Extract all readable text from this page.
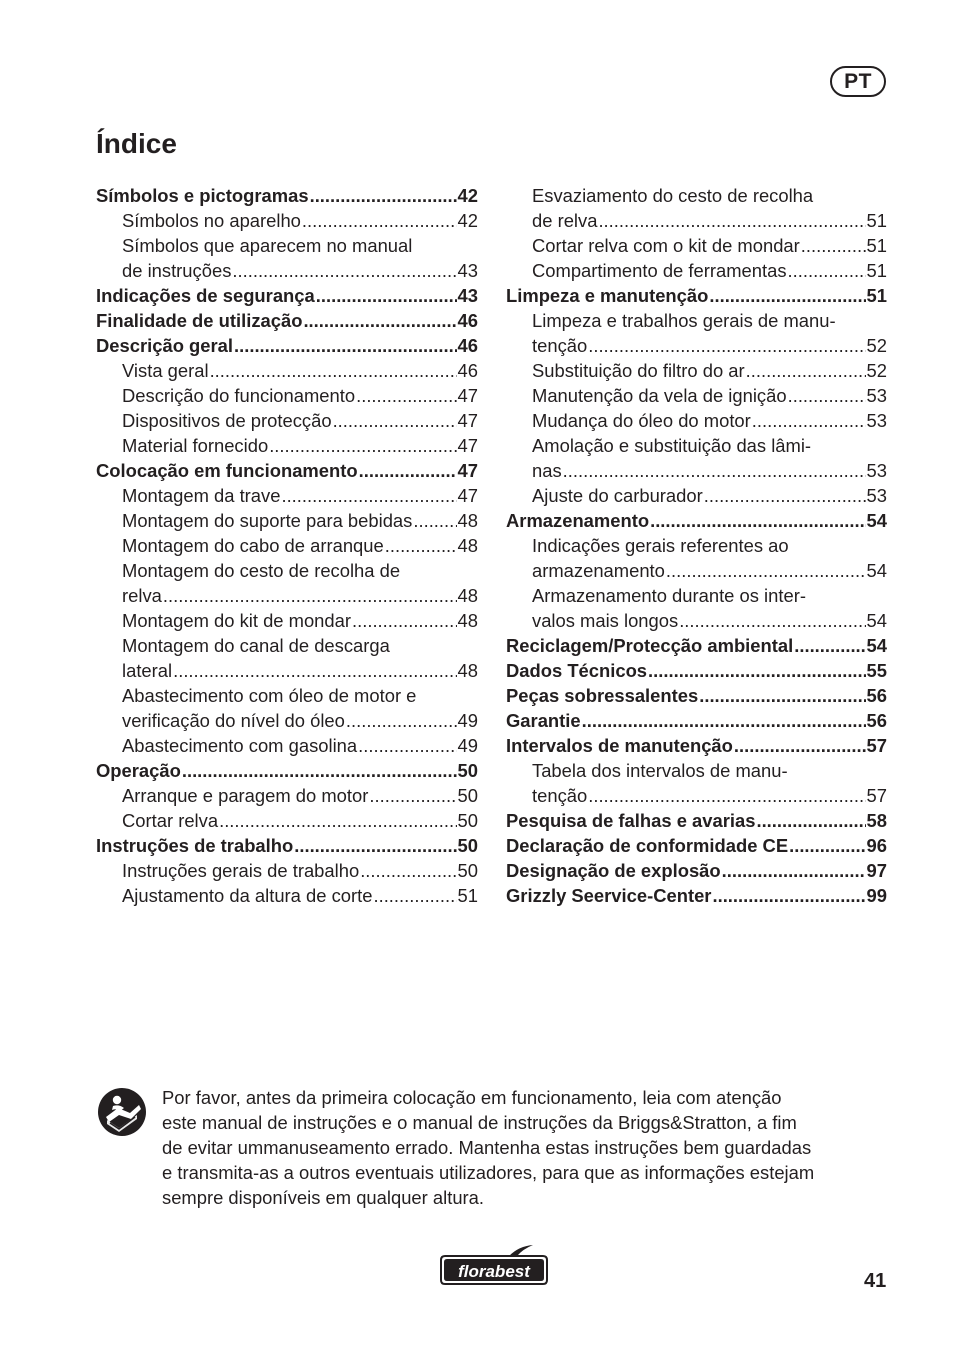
PT
Índice
Símbolos e pictogramas .....	42
Símbolos no aparelho .....	42
Símbolos que aparecem no manual
de instruções .....	43
Indicações de segurança .....	43
Finalidade de utilização .....	46
Descrição geral .....	46
Vista geral .....	46
Descrição do funcionamento .....	47
Dispositivos de protecção .....	47
Material fornecido .....	47
Colocação em funcionamento .....	47
Montagem da trave .....	47
Montagem do suporte para bebidas ..... 48
Montagem do cabo de arranque .....	48
Montagem do cesto de recolha de
relva .....	48
Montagem do kit de mondar .....	48
Montagem do canal de descarga
lateral .....	48
Abastecimento com óleo de motor e
verificação do nível do óleo .....	49
Abastecimento com gasolina .....	49
Operação .....	50
Arranque e paragem do motor .....	50
Cortar relva .....	50
Instruções de trabalho .....	50
Instruções gerais de trabalho .....	50
Ajustamento da altura de corte .....	51
Esvaziamento do cesto de recolha
de relva .....	51
Cortar relva com o kit de mondar .....	51
Compartimento de ferramentas .....	51
Limpeza e manutenção .....	51
Limpeza e trabalhos gerais de manu-
tenção .....	52
Substituição do filtro do ar .....	52
Manutenção da vela de ignição .....	53
Mudança do óleo do motor .....	53
Amolação e substituição das lâmi-
nas .....	53
Ajuste do carburador .....	53
Armazenamento .....	54
Indicações gerais referentes ao
armazenamento .....	54
Armazenamento durante os inter-
valos mais longos .....	54
Reciclagem/Protecção ambiental .....	54
Dados Técnicos .....	55
Peças sobressalentes .....	56
Garantie .....	56
Intervalos de manutenção .....	57
Tabela dos intervalos de manu-
tenção .....	57
Pesquisa de falhas e avarias .....	58
Declaração de conformidade CE .....	96
Designação de explosão .....	97
Grizzly Seervice-Center .....	99
Por favor, antes da primeira colocação em funcionamento, leia com atenção
este manual de instruções e o manual de instruções da Briggs&Stratton, a fim
de evitar ummanuseamento errado. Mantenha estas instruções bem guardadas
e transmita-as a outros eventuais utilizadores, para que as informações estejam
sempre disponíveis em qualquer altura.
florabest	41
